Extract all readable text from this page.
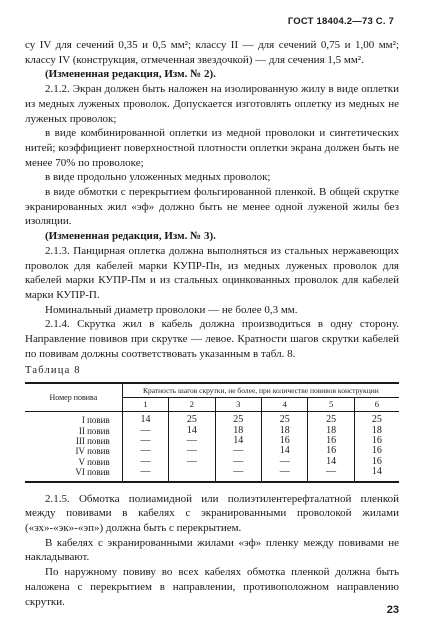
ГОСТ 18404.2—73 С. 7

су IV для сечений 0,35 и 0,5 мм²; классу II — для сечений 0,75 и 1,00 мм²; классу IV (конструкция, отмеченная звездочкой) — для сечения 1,5 мм².

(Измененная редакция, Изм. № 2).

2.1.2. Экран должен быть наложен на изолированную жилу в виде оплетки из медных луженых проволок. Допускается изготовлять оплетку из медных не луженых проволок;

в виде комбинированной оплетки из медной проволоки и синтетических нитей; коэффициент поверхностной плотности оплетки экрана должен быть не менее 70% по проволоке;

в виде продольно уложенных медных проволок;

в виде обмотки с перекрытием фольгированной пленкой. В общей скрутке экранированных жил «эф» должно быть не менее одной луженой жилы без изоляции.

(Измененная редакция, Изм. № 3).

2.1.3. Панцирная оплетка должна выполняться из стальных нержавеющих проволок для кабелей марки КУПР-Пн, из медных луженых проволок для кабелей марки КУПР-Пм и из стальных оцинкованных проволок для кабелей марки КУПР-П.

Номинальный диаметр проволоки — не более 0,3 мм.

2.1.4. Скрутка жил в кабель должна производиться в одну сторону. Направление повивов при скрутке — левое. Кратности шагов скрутки кабелей по повивам должны соответствовать указанным в табл. 8.

Таблица 8

Номер повива	Кратность шагов скрутки, не более, при количестве повивов конструкции					
	1	2	3	4	5	6
I повив	14	25	25	25	25	25
II повив	—	14	18	18	18	18
III повив	—	—	14	16	16	16
IV повив	—	—	—	14	16	16
V повив	—	—	—	—	14	16
VI повив	—		—	—	—	14

2.1.5. Обмотка полиамидной или полиэтилентерефталатной пленкой между повивами в кабелях с экранированными проволокой жилами («эх»-«эк»-«эп») должна быть с перекрытием.

В кабелях с экранированными жилами «эф» пленку между повивами не накладывают.

По наружному повиву во всех кабелях обмотка пленкой должна быть наложена с перекрытием в направлении, противоположном направлению скрутки.

23
